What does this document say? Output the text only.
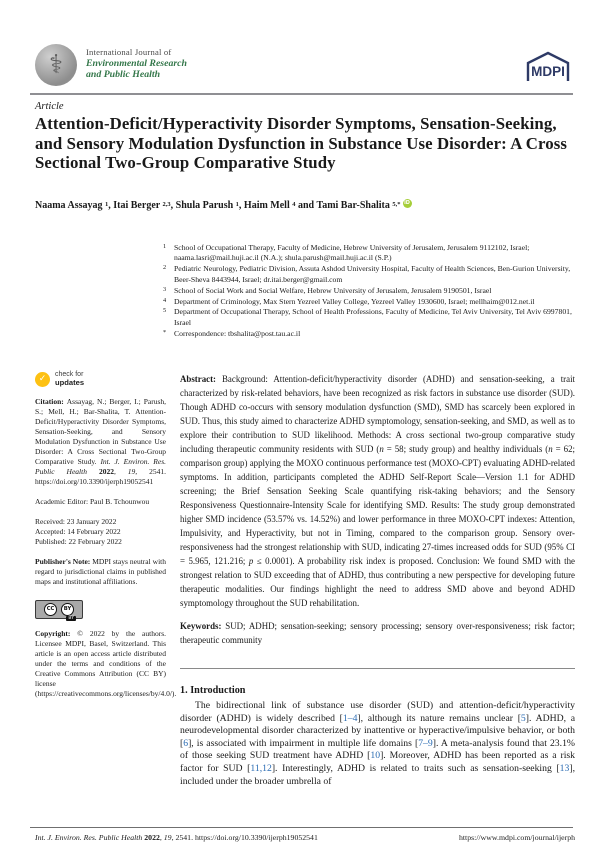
⚕	International Journal of
Environmental Research
and Public Health	MDPI
Article
Attention-Deficit/Hyperactivity Disorder Symptoms, Sensation-Seeking, and Sensory Modulation Dysfunction in Substance Use Disorder: A Cross Sectional Two-Group Comparative Study
Naama Assayag $^1$, Itai Berger $^{2,3}$, Shula Parush $^1$, Haim Mell $^4$ and Tami Bar-Shalita $^{5,*}$ iD
1	School of Occupational Therapy, Faculty of Medicine, Hebrew University of Jerusalem, Jerusalem 9112102, Israel; naama.lasri@mail.huji.ac.il (N.A.); shula.parush@mail.huji.ac.il (S.P.)
2	Pediatric Neurology, Pediatric Division, Assuta Ashdod University Hospital, Faculty of Health Sciences, Ben-Gurion University, Beer-Sheva 8443944, Israel; dr.itai.berger@gmail.com
3	School of Social Work and Social Welfare, Hebrew University of Jerusalem, Jerusalem 9190501, Israel
4	Department of Criminology, Max Stern Yezreel Valley College, Yezreel Valley 1930600, Israel; mellhaim@012.net.il
5	Department of Occupational Therapy, School of Health Professions, Faculty of Medicine, Tel Aviv University, Tel Aviv 6997801, Israel
*	Correspondence: tbshalita@post.tau.ac.il
✓	check for
updates
Citation: Assayag, N.; Berger, I.; Parush, S.; Mell, H.; Bar-Shalita, T. Attention-Deficit/Hyperactivity Disorder Symptoms, Sensation-Seeking, and Sensory Modulation Dysfunction in Substance Use Disorder: A Cross Sectional Two-Group Comparative Study. Int. J. Environ. Res. Public Health 2022, 19, 2541. https://doi.org/10.3390/ijerph19052541
Academic Editor: Paul B. Tchounwou
Received: 23 January 2022
Accepted: 14 February 2022
Published: 22 February 2022
Publisher's Note: MDPI stays neutral with regard to jurisdictional claims in published maps and institutional affiliations.
CC	BY
BY
Copyright: © 2022 by the authors. Licensee MDPI, Basel, Switzerland. This article is an open access article distributed under the terms and conditions of the Creative Commons Attribution (CC BY) license (https://creativecommons.org/licenses/by/4.0/).
Abstract: Background: Attention-deficit/hyperactivity disorder (ADHD) and sensation-seeking, a trait characterized by risk-related behaviors, have been recognized as risk factors in substance use disorder (SUD). Though ADHD co-occurs with sensory modulation dysfunction (SMD), SMD has scarcely been explored in SUD. Thus, this study aimed to characterize ADHD symptomology, sensation-seeking, and SMD, as well as to explore their contribution to SUD likelihood. Methods: A cross sectional two-group comparative study including therapeutic community residents with SUD (n = 58; study group) and healthy individuals (n = 62; comparison group) applying the MOXO continuous performance test (MOXO-CPT) evaluating ADHD-related symptoms. In addition, participants completed the ADHD Self-Report Scale—Version 1.1 for ADHD screening; the Brief Sensation Seeking Scale quantifying risk-taking behaviors; and the Sensory Responsiveness Questionnaire-Intensity Scale for identifying SMD. Results: The study group demonstrated higher SMD incidence (53.57% vs. 14.52%) and lower performance in three MOXO-CPT indexes: Attention, Impulsivity, and Hyperactivity, but not in Timing, compared to the comparison group. Sensory over-responsiveness had the strongest relationship with SUD, indicating 27-times increased odds for SUD (95% CI = 5.965, 121.216; p ≤ 0.0001). A probability risk index is proposed. Conclusion: We found SMD with the strongest relation to SUD exceeding that of ADHD, thus contributing a new perspective for developing future therapeutic modalities. Our findings highlight the need to address SMD above and beyond ADHD symptomology throughout the SUD rehabilitation.
Keywords: SUD; ADHD; sensation-seeking; sensory processing; sensory over-responsiveness; risk factor; therapeutic community
1. Introduction
The bidirectional link of substance use disorder (SUD) and attention-deficit/hyperactivity disorder (ADHD) is widely described [1–4], although its nature remains unclear [5]. ADHD, a neurodevelopmental disorder characterized by inattentive or hyperactive/impulsive behavior, or both [6], is associated with impairment in multiple life domains [7–9]. A meta-analysis found that 23.1% of those seeking SUD treatment have ADHD [10]. Moreover, ADHD has been reported as a risk factor for SUD [11,12]. Interestingly, ADHD is related to traits such as sensation-seeking [13], included under the broader umbrella of
Int. J. Environ. Res. Public Health 2022, 19, 2541. https://doi.org/10.3390/ijerph19052541	https://www.mdpi.com/journal/ijerph
